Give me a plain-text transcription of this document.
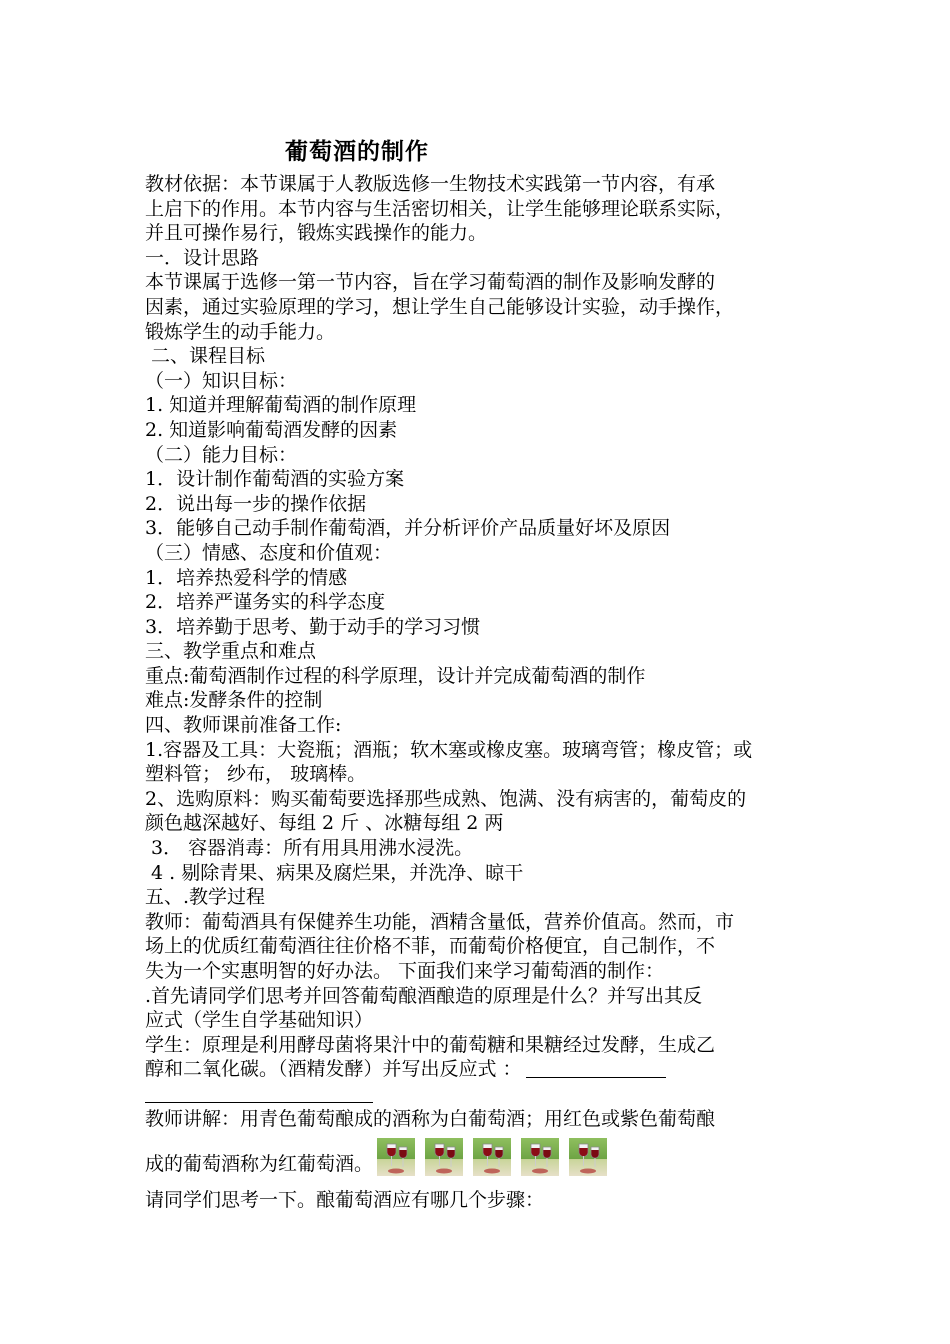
葡萄酒的制作

教材依据：本节课属于人教版选修一生物技术实践第一节内容，有承

上启下的作用。本节内容与生活密切相关，让学生能够理论联系实际，

并且可操作易行，锻炼实践操作的能力。

一．设计思路

本节课属于选修一第一节内容，旨在学习葡萄酒的制作及影响发酵的

因素，通过实验原理的学习，想让学生自己能够设计实验，动手操作，

锻炼学生的动手能力。

二、课程目标

（一）知识目标：

1. 知道并理解葡萄酒的制作原理

2. 知道影响葡萄酒发酵的因素

（二）能力目标：

1．设计制作葡萄酒的实验方案

2．说出每一步的操作依据

3．能够自己动手制作葡萄酒，并分析评价产品质量好坏及原因

（三）情感、态度和价值观：

1．培养热爱科学的情感

2．培养严谨务实的科学态度

3．培养勤于思考、勤于动手的学习习惯

三、教学重点和难点

重点:葡萄酒制作过程的科学原理，设计并完成葡萄酒的制作

难点:发酵条件的控制

四、教师课前准备工作:

1.容器及工具：大瓷瓶；酒瓶；软木塞或橡皮塞。玻璃弯管；橡皮管；或

塑料管； 纱布， 玻璃棒。

2、选购原料：购买葡萄要选择那些成熟、饱满、没有病害的，葡萄皮的

颜色越深越好、每组 2 斤 、冰糖每组 2 两

3． 容器消毒：所有用具用沸水浸洗。

4 . 剔除青果、病果及腐烂果，并洗净、晾干

五、.教学过程

教师：葡萄酒具有保健养生功能，酒精含量低，营养价值高。然而，市

场上的优质红葡萄酒往往价格不菲，而葡萄价格便宜，自己制作，不

失为一个实惠明智的好办法。 下面我们来学习葡萄酒的制作：

.首先请同学们思考并回答葡萄酿酒酿造的原理是什么？并写出其反

应式（学生自学基础知识）

学生：原理是利用酵母菌将果汁中的葡萄糖和果糖经过发酵，生成乙

醇和二氧化碳。（酒精发酵）并写出反应式 ：

教师讲解：用青色葡萄酿成的酒称为白葡萄酒；用红色或紫色葡萄酿

成的葡萄酒称为红葡萄酒。

请同学们思考一下。酿葡萄酒应有哪几个步骤：
